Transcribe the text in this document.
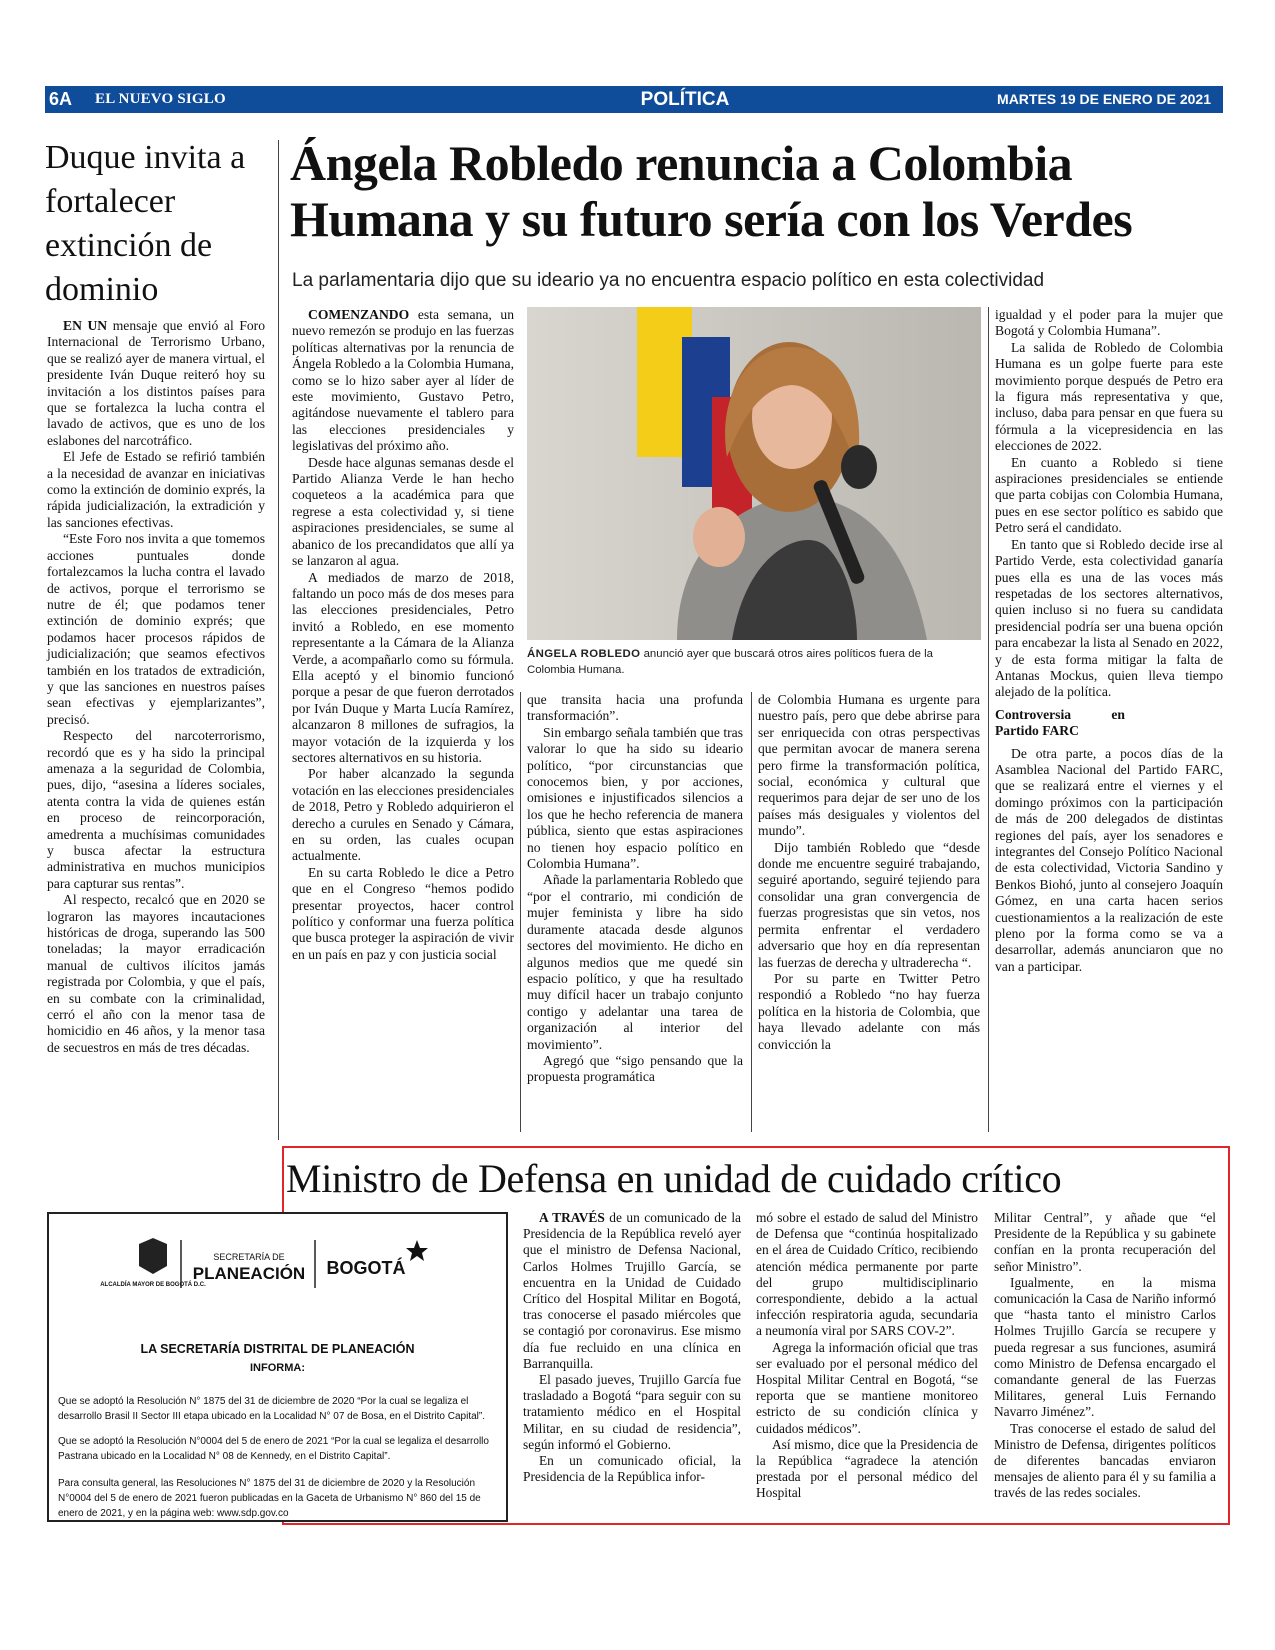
6A EL NUEVO SIGLO	POLÍTICA	MARTES 19 DE ENERO DE 2021
Duque invita a fortalecer extinción de dominio

EN UN mensaje que envió al Foro Internacional de Terrorismo Urbano, que se realizó ayer de manera virtual, el presidente Iván Duque reiteró hoy su invitación a los distintos países para que se fortalezca la lucha contra el lavado de activos, que es uno de los eslabones del narcotráfico.

El Jefe de Estado se refirió también a la necesidad de avanzar en iniciativas como la extinción de dominio exprés, la rápida judicialización, la extradición y las sanciones efectivas.

“Este Foro nos invita a que tomemos acciones puntuales donde fortalezcamos la lucha contra el lavado de activos, porque el terrorismo se nutre de él; que podamos tener extinción de dominio exprés; que podamos hacer procesos rápidos de judicialización; que seamos efectivos también en los tratados de extradición, y que las sanciones en nuestros países sean efectivas y ejemplarizantes”, precisó.

Respecto del narcoterrorismo, recordó que es y ha sido la principal amenaza a la seguridad de Colombia, pues, dijo, “asesina a líderes sociales, atenta contra la vida de quienes están en proceso de reincorporación, amedrenta a muchísimas comunidades y busca afectar la estructura administrativa en muchos municipios para capturar sus rentas”.

Al respecto, recalcó que en 2020 se lograron las mayores incautaciones históricas de droga, superando las 500 toneladas; la mayor erradicación manual de cultivos ilícitos jamás registrada por Colombia, y que el país, en su combate con la criminalidad, cerró el año con la menor tasa de homicidio en 46 años, y la menor tasa de secuestros en más de tres décadas.

Ángela Robledo renuncia a Colombia Humana y su futuro sería con los Verdes
La parlamentaria dijo que su ideario ya no encuentra espacio político en esta colectividad

COMENZANDO esta semana, un nuevo remezón se produjo en las fuerzas políticas alternativas por la renuncia de Ángela Robledo a la Colombia Humana, como se lo hizo saber ayer al líder de este movimiento, Gustavo Petro, agitándose nuevamente el tablero para las elecciones presidenciales y legislativas del próximo año.

Desde hace algunas semanas desde el Partido Alianza Verde le han hecho coqueteos a la académica para que regrese a esta colectividad y, si tiene aspiraciones presidenciales, se sume al abanico de los precandidatos que allí ya se lanzaron al agua.

A mediados de marzo de 2018, faltando un poco más de dos meses para las elecciones presidenciales, Petro invitó a Robledo, en ese momento representante a la Cámara de la Alianza Verde, a acompañarlo como su fórmula. Ella aceptó y el binomio funcionó porque a pesar de que fueron derrotados por Iván Duque y Marta Lucía Ramírez, alcanzaron 8 millones de sufragios, la mayor votación de la izquierda y los sectores alternativos en su historia.

Por haber alcanzado la segunda votación en las elecciones presidenciales de 2018, Petro y Robledo adquirieron el derecho a curules en Senado y Cámara, en su orden, las cuales ocupan actualmente.

En su carta Robledo le dice a Petro que en el Congreso “hemos podido presentar proyectos, hacer control político y conformar una fuerza política que busca proteger la aspiración de vivir en un país en paz y con justicia social

ÁNGELA ROBLEDO anunció ayer que buscará otros aires políticos fuera de la Colombia Humana.

que transita hacia una profunda transformación”.

Sin embargo señala también que tras valorar lo que ha sido su ideario político, “por circunstancias que conocemos bien, y por acciones, omisiones e injustificados silencios a los que he hecho referencia de manera pública, siento que estas aspiraciones no tienen hoy espacio político en Colombia Humana”.

Añade la parlamentaria Robledo que “por el contrario, mi condición de mujer feminista y libre ha sido duramente atacada desde algunos sectores del movimiento. He dicho en algunos medios que me quedé sin espacio político, y que ha resultado muy difícil hacer un trabajo conjunto contigo y adelantar una tarea de organización al interior del movimiento”.

Agregó que “sigo pensando que la propuesta programática

de Colombia Humana es urgente para nuestro país, pero que debe abrirse para ser enriquecida con otras perspectivas que permitan avocar de manera serena pero firme la transformación política, social, económica y cultural que requerimos para dejar de ser uno de los países más desiguales y violentos del mundo”.

Dijo también Robledo que “desde donde me encuentre seguiré trabajando, seguiré aportando, seguiré tejiendo para consolidar una gran convergencia de fuerzas progresistas que sin vetos, nos permita enfrentar el verdadero adversario que hoy en día representan las fuerzas de derecha y ultraderecha “.

Por su parte en Twitter Petro respondió a Robledo “no hay fuerza política en la historia de Colombia, que haya llevado adelante con más convicción la

igualdad y el poder para la mujer que Bogotá y Colombia Humana”.

La salida de Robledo de Colombia Humana es un golpe fuerte para este movimiento porque después de Petro era la figura más representativa y que, incluso, daba para pensar en que fuera su fórmula a la vicepresidencia en las elecciones de 2022.

En cuanto a Robledo si tiene aspiraciones presidenciales se entiende que parta cobijas con Colombia Humana, pues en ese sector político es sabido que Petro será el candidato.

En tanto que si Robledo decide irse al Partido Verde, esta colectividad ganaría pues ella es una de las voces más respetadas de los sectores alternativos, quien incluso si no fuera su candidata presidencial podría ser una buena opción para encabezar la lista al Senado en 2022, y de esta forma mitigar la falta de Antanas Mockus, quien lleva tiempo alejado de la política.

Controversia en Partido FARC

De otra parte, a pocos días de la Asamblea Nacional del Partido FARC, que se realizará entre el viernes y el domingo próximos con la participación de más de 200 delegados de distintas regiones del país, ayer los senadores e integrantes del Consejo Político Nacional de esta colectividad, Victoria Sandino y Benkos Biohó, junto al consejero Joaquín Gómez, en una carta hacen serios cuestionamientos a la realización de este pleno por la forma como se va a desarrollar, además anunciaron que no van a participar.

Ministro de Defensa en unidad de cuidado crítico

A TRAVÉS de un comunicado de la Presidencia de la República reveló ayer que el ministro de Defensa Nacional, Carlos Holmes Trujillo García, se encuentra en la Unidad de Cuidado Crítico del Hospital Militar en Bogotá, tras conocerse el pasado miércoles que se contagió por coronavirus. Ese mismo día fue recluido en una clínica en Barranquilla.

El pasado jueves, Trujillo García fue trasladado a Bogotá “para seguir con su tratamiento médico en el Hospital Militar, en su ciudad de residencia”, según informó el Gobierno.

En un comunicado oficial, la Presidencia de la República infor-

mó sobre el estado de salud del Ministro de Defensa que “continúa hospitalizado en el área de Cuidado Crítico, recibiendo atención médica permanente por parte del grupo multidisciplinario correspondiente, debido a la actual infección respiratoria aguda, secundaria a neumonía viral por SARS COV-2”.

Agrega la información oficial que tras ser evaluado por el personal médico del Hospital Militar Central en Bogotá, “se reporta que se mantiene monitoreo estricto de su condición clínica y cuidados médicos”.

Así mismo, dice que la Presidencia de la República “agradece la atención prestada por el personal médico del Hospital

Militar Central”, y añade que “el Presidente de la República y su gabinete confían en la pronta recuperación del señor Ministro”.

Igualmente, en la misma comunicación la Casa de Nariño informó que “hasta tanto el ministro Carlos Holmes Trujillo García se recupere y pueda regresar a sus funciones, asumirá como Ministro de Defensa encargado el comandante general de las Fuerzas Militares, general Luis Fernando Navarro Jiménez”.

Tras conocerse el estado de salud del Ministro de Defensa, dirigentes políticos de diferentes bancadas enviaron mensajes de aliento para él y su familia a través de las redes sociales.

ALCALDÍA MAYOR DE BOGOTÁ D.C.
SECRETARÍA DE
PLANEACIÓN BOGOTÁ
LA SECRETARÍA DISTRITAL DE PLANEACIÓN
INFORMA:
Que se adoptó la Resolución N° 1875 del 31 de diciembre de 2020 “Por la cual se legaliza el desarrollo Brasil II Sector III etapa ubicado en la Localidad N° 07 de Bosa, en el Distrito Capital”.
Que se adoptó la Resolución N°0004 del 5 de enero de 2021 “Por la cual se legaliza el desarrollo Pastrana ubicado en la Localidad N° 08 de Kennedy, en el Distrito Capital”.
Para consulta general, las Resoluciones N° 1875 del 31 de diciembre de 2020 y la Resolución N°0004 del 5 de enero de 2021 fueron publicadas en la Gaceta de Urbanismo N° 860 del 15 de enero de 2021, y en la página web: www.sdp.gov.co
